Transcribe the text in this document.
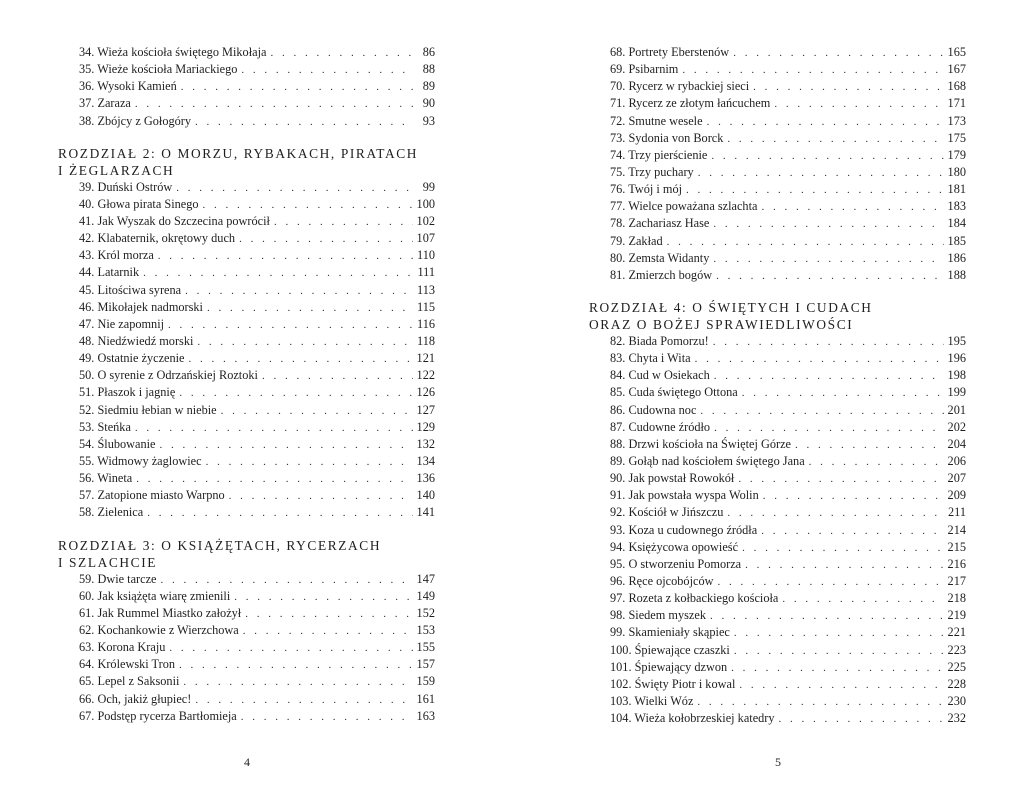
34. Wieża kościoła świętego Mikołaja . . .	86
35. Wieże kościoła Mariackiego . . .	88
36. Wysoki Kamień . . .	89
37. Zaraza . . .	90
38. Zbójcy z Gołogóry . . .	93
ROZDZIAŁ 2: O MORZU, RYBAKACH, PIRATACH
I ŻEGLARZACH
39. Duński Ostrów . . .	99
40. Głowa pirata Sinego . . .	100
41. Jak Wyszak do Szczecina powrócił . . .	102
42. Klabaternik, okrętowy duch . . .	107
43. Król morza . . .	110
44. Latarnik . . .	111
45. Litościwa syrena . . .	113
46. Mikołajek nadmorski . . .	115
47. Nie zapomnij . . .	116
48. Niedźwiedź morski . . .	118
49. Ostatnie życzenie . . .	121
50. O syrenie z Odrzańskiej Roztoki . . .	122
51. Płaszok i jagnię . . .	126
52. Siedmiu łebian w niebie . . .	127
53. Steńka . . .	129
54. Ślubowanie . . .	132
55. Widmowy żaglowiec . . .	134
56. Wineta . . .	136
57. Zatopione miasto Warpno . . .	140
58. Zielenica . . .	141
ROZDZIAŁ 3: O KSIĄŻĘTACH, RYCERZACH
I SZLACHCIE
59. Dwie tarcze . . .	147
60. Jak książęta wiarę zmienili . . .	149
61. Jak Rummel Miastko założył . . .	152
62. Kochankowie z Wierzchowa . . .	153
63. Korona Kraju . . .	155
64. Królewski Tron . . .	157
65. Lepel z Saksonii . . .	159
66. Och, jakiż głupiec! . . .	161
67. Podstęp rycerza Bartłomieja . . .	163
68. Portrety Eberstenów . . .	165
69. Psibarnim . . .	167
70. Rycerz w rybackiej sieci . . .	168
71. Rycerz ze złotym łańcuchem . . .	171
72. Smutne wesele . . .	173
73. Sydonia von Borck . . .	175
74. Trzy pierścienie . . .	179
75. Trzy puchary . . .	180
76. Twój i mój . . .	181
77. Wielce poważana szlachta . . .	183
78. Zachariasz Hase . . .	184
79. Zakład . . .	185
80. Zemsta Widanty . . .	186
81. Zmierzch bogów . . .	188
ROZDZIAŁ 4: O ŚWIĘTYCH I CUDACH
ORAZ O BOŻEJ SPRAWIEDLIWOŚCI
82. Biada Pomorzu! . . .	195
83. Chyta i Wita . . .	196
84. Cud w Osiekach . . .	198
85. Cuda świętego Ottona . . .	199
86. Cudowna noc . . .	201
87. Cudowne źródło . . .	202
88. Drzwi kościoła na Świętej Górze . . .	204
89. Gołąb nad kościołem świętego Jana . . .	206
90. Jak powstał Rowokół . . .	207
91. Jak powstała wyspa Wolin . . .	209
92. Kościół w Jińszczu . . .	211
93. Koza u cudownego źródła . . .	214
94. Księżycowa opowieść . . .	215
95. O stworzeniu Pomorza . . .	216
96. Ręce ojcobójców . . .	217
97. Rozeta z kołbackiego kościoła . . .	218
98. Siedem myszek . . .	219
99. Skamieniały skąpiec . . .	221
100. Śpiewające czaszki . . .	223
101. Śpiewający dzwon . . .	225
102. Święty Piotr i kowal . . .	228
103. Wielki Wóz . . .	230
104. Wieża kołobrzeskiej katedry . . .	232
4	5
